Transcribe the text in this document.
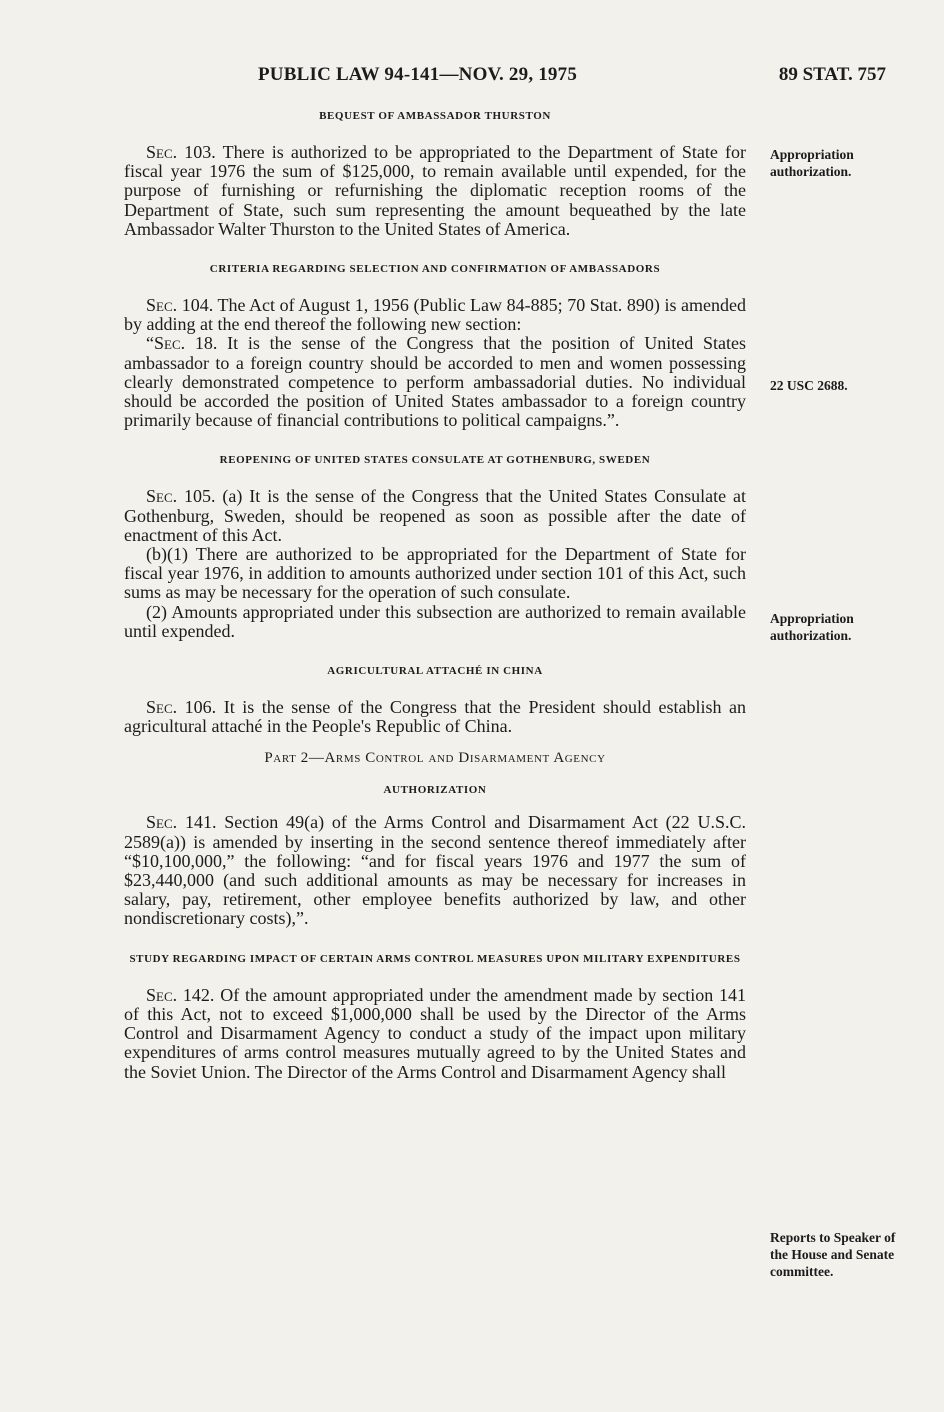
PUBLIC LAW 94-141—NOV. 29, 1975	89 STAT. 757
Appropriation authorization.
22 USC 2688.
Appropriation authorization.
Reports to Speaker of the House and Senate committee.
BEQUEST OF AMBASSADOR THURSTON

Sec. 103. There is authorized to be appropriated to the Department of State for fiscal year 1976 the sum of $125,000, to remain available until expended, for the purpose of furnishing or refurnishing the diplomatic reception rooms of the Department of State, such sum representing the amount bequeathed by the late Ambassador Walter Thurston to the United States of America.

CRITERIA REGARDING SELECTION AND CONFIRMATION OF AMBASSADORS

Sec. 104. The Act of August 1, 1956 (Public Law 84-885; 70 Stat. 890) is amended by adding at the end thereof the following new section:

“Sec. 18. It is the sense of the Congress that the position of United States ambassador to a foreign country should be accorded to men and women possessing clearly demonstrated competence to perform ambassadorial duties. No individual should be accorded the position of United States ambassador to a foreign country primarily because of financial contributions to political campaigns.”.

REOPENING OF UNITED STATES CONSULATE AT GOTHENBURG, SWEDEN

Sec. 105. (a) It is the sense of the Congress that the United States Consulate at Gothenburg, Sweden, should be reopened as soon as possible after the date of enactment of this Act.

(b)(1) There are authorized to be appropriated for the Department of State for fiscal year 1976, in addition to amounts authorized under section 101 of this Act, such sums as may be necessary for the operation of such consulate.

(2) Amounts appropriated under this subsection are authorized to remain available until expended.

AGRICULTURAL ATTACHÉ IN CHINA

Sec. 106. It is the sense of the Congress that the President should establish an agricultural attaché in the People's Republic of China.

Part 2—Arms Control and Disarmament Agency
AUTHORIZATION

Sec. 141. Section 49(a) of the Arms Control and Disarmament Act (22 U.S.C. 2589(a)) is amended by inserting in the second sentence thereof immediately after “$10,100,000,” the following: “and for fiscal years 1976 and 1977 the sum of $23,440,000 (and such additional amounts as may be necessary for increases in salary, pay, retirement, other employee benefits authorized by law, and other nondiscretionary costs),”.

STUDY REGARDING IMPACT OF CERTAIN ARMS CONTROL MEASURES UPON MILITARY EXPENDITURES

Sec. 142. Of the amount appropriated under the amendment made by section 141 of this Act, not to exceed $1,000,000 shall be used by the Director of the Arms Control and Disarmament Agency to conduct a study of the impact upon military expenditures of arms control measures mutually agreed to by the United States and the Soviet Union. The Director of the Arms Control and Disarmament Agency shall
